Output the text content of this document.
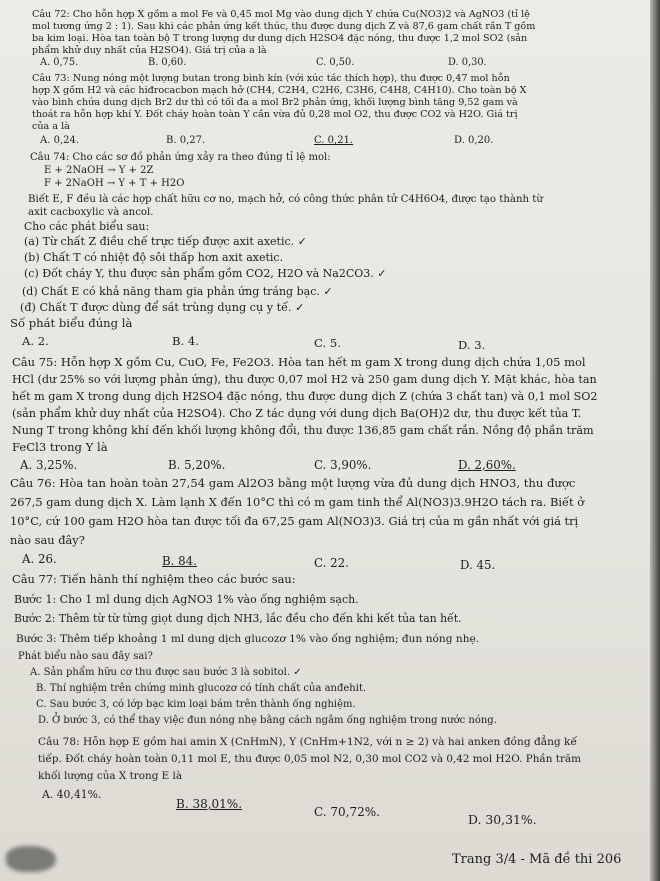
Câu 72: Cho hỗn hợp X gồm a mol Fe và 0,45 mol Mg vào dung dịch Y chứa Cu(NO3)2 và AgNO3 (tỉ lệ
mol tương ứng 2 : 1). Sau khi các phản ứng kết thúc, thu được dung dịch Z và 87,6 gam chất rắn T gồm
ba kim loại. Hòa tan toàn bộ T trong lượng dư dung dịch H2SO4 đặc nóng, thu được 1,2 mol SO2 (sản
phẩm khử duy nhất của H2SO4). Giá trị của a là
A. 0,75.	B. 0,60.	C. 0,50.	D. 0,30.
Câu 73: Nung nóng một lượng butan trong bình kín (với xúc tác thích hợp), thu được 0,47 mol hỗn
hợp X gồm H2 và các hiđrocacbon mạch hở (CH4, C2H4, C2H6, C3H6, C4H8, C4H10). Cho toàn bộ X
vào bình chứa dung dịch Br2 dư thì có tối đa a mol Br2 phản ứng, khối lượng bình tăng 9,52 gam và
thoát ra hỗn hợp khí Y. Đốt cháy hoàn toàn Y cần vừa đủ 0,28 mol O2, thu được CO2 và H2O. Giá trị
của a là
A. 0,24.	B. 0,27.	C. 0,21.	D. 0,20.
Câu 74: Cho các sơ đồ phản ứng xảy ra theo đúng tỉ lệ mol:
E + 2NaOH → Y + 2Z
F + 2NaOH → Y + T + H2O
Biết E, F đều là các hợp chất hữu cơ no, mạch hở, có công thức phân tử C4H6O4, được tạo thành từ
axit cacboxylic và ancol.
Cho các phát biểu sau:
(a) Từ chất Z điều chế trực tiếp được axit axetic. ✓
(b) Chất T có nhiệt độ sôi thấp hơn axit axetic.
(c) Đốt cháy Y, thu được sản phẩm gồm CO2, H2O và Na2CO3. ✓
(d) Chất E có khả năng tham gia phản ứng tráng bạc. ✓
(đ) Chất T được dùng để sát trùng dụng cụ y tế. ✓
Số phát biểu đúng là
A. 2.	B. 4.	C. 5.	D. 3.
Câu 75: Hỗn hợp X gồm Cu, CuO, Fe, Fe2O3. Hòa tan hết m gam X trong dung dịch chứa 1,05 mol
HCl (dư 25% so với lượng phản ứng), thu được 0,07 mol H2 và 250 gam dung dịch Y. Mặt khác, hòa tan
hết m gam X trong dung dịch H2SO4 đặc nóng, thu được dung dịch Z (chứa 3 chất tan) và 0,1 mol SO2
(sản phẩm khử duy nhất của H2SO4). Cho Z tác dụng với dung dịch Ba(OH)2 dư, thu được kết tủa T.
Nung T trong không khí đến khối lượng không đổi, thu được 136,85 gam chất rắn. Nồng độ phần trăm
FeCl3 trong Y là
A. 3,25%.	B. 5,20%.	C. 3,90%.	D. 2,60%.
Câu 76: Hòa tan hoàn toàn 27,54 gam Al2O3 bằng một lượng vừa đủ dung dịch HNO3, thu được
267,5 gam dung dịch X. Làm lạnh X đến 10°C thì có m gam tinh thể Al(NO3)3.9H2O tách ra. Biết ở
10°C, cứ 100 gam H2O hòa tan được tối đa 67,25 gam Al(NO3)3. Giá trị của m gần nhất với giá trị
nào sau đây?
A. 26.	B. 84.	C. 22.	D. 45.
Câu 77: Tiến hành thí nghiệm theo các bước sau:
Bước 1: Cho 1 ml dung dịch AgNO3 1% vào ống nghiệm sạch.
Bước 2: Thêm từ từ từng giọt dung dịch NH3, lắc đều cho đến khi kết tủa tan hết.
Bước 3: Thêm tiếp khoảng 1 ml dung dịch glucozơ 1% vào ống nghiệm; đun nóng nhẹ.
Phát biểu nào sau đây sai?
A. Sản phẩm hữu cơ thu được sau bước 3 là sobitol. ✓
B. Thí nghiệm trên chứng minh glucozơ có tính chất của anđehit.
C. Sau bước 3, có lớp bạc kim loại bám trên thành ống nghiệm.
D. Ở bước 3, có thể thay việc đun nóng nhẹ bằng cách ngâm ống nghiệm trong nước nóng.
Câu 78: Hỗn hợp E gồm hai amin X (CnHmN), Y (CnHm+1N2, với n ≥ 2) và hai anken đồng đẳng kế
tiếp. Đốt cháy hoàn toàn 0,11 mol E, thu được 0,05 mol N2, 0,30 mol CO2 và 0,42 mol H2O. Phần trăm
khối lượng của X trong E là
A. 40,41%.
B. 38,01%.
C. 70,72%.	D. 30,31%.
Trang 3/4 - Mã đề thi 206
